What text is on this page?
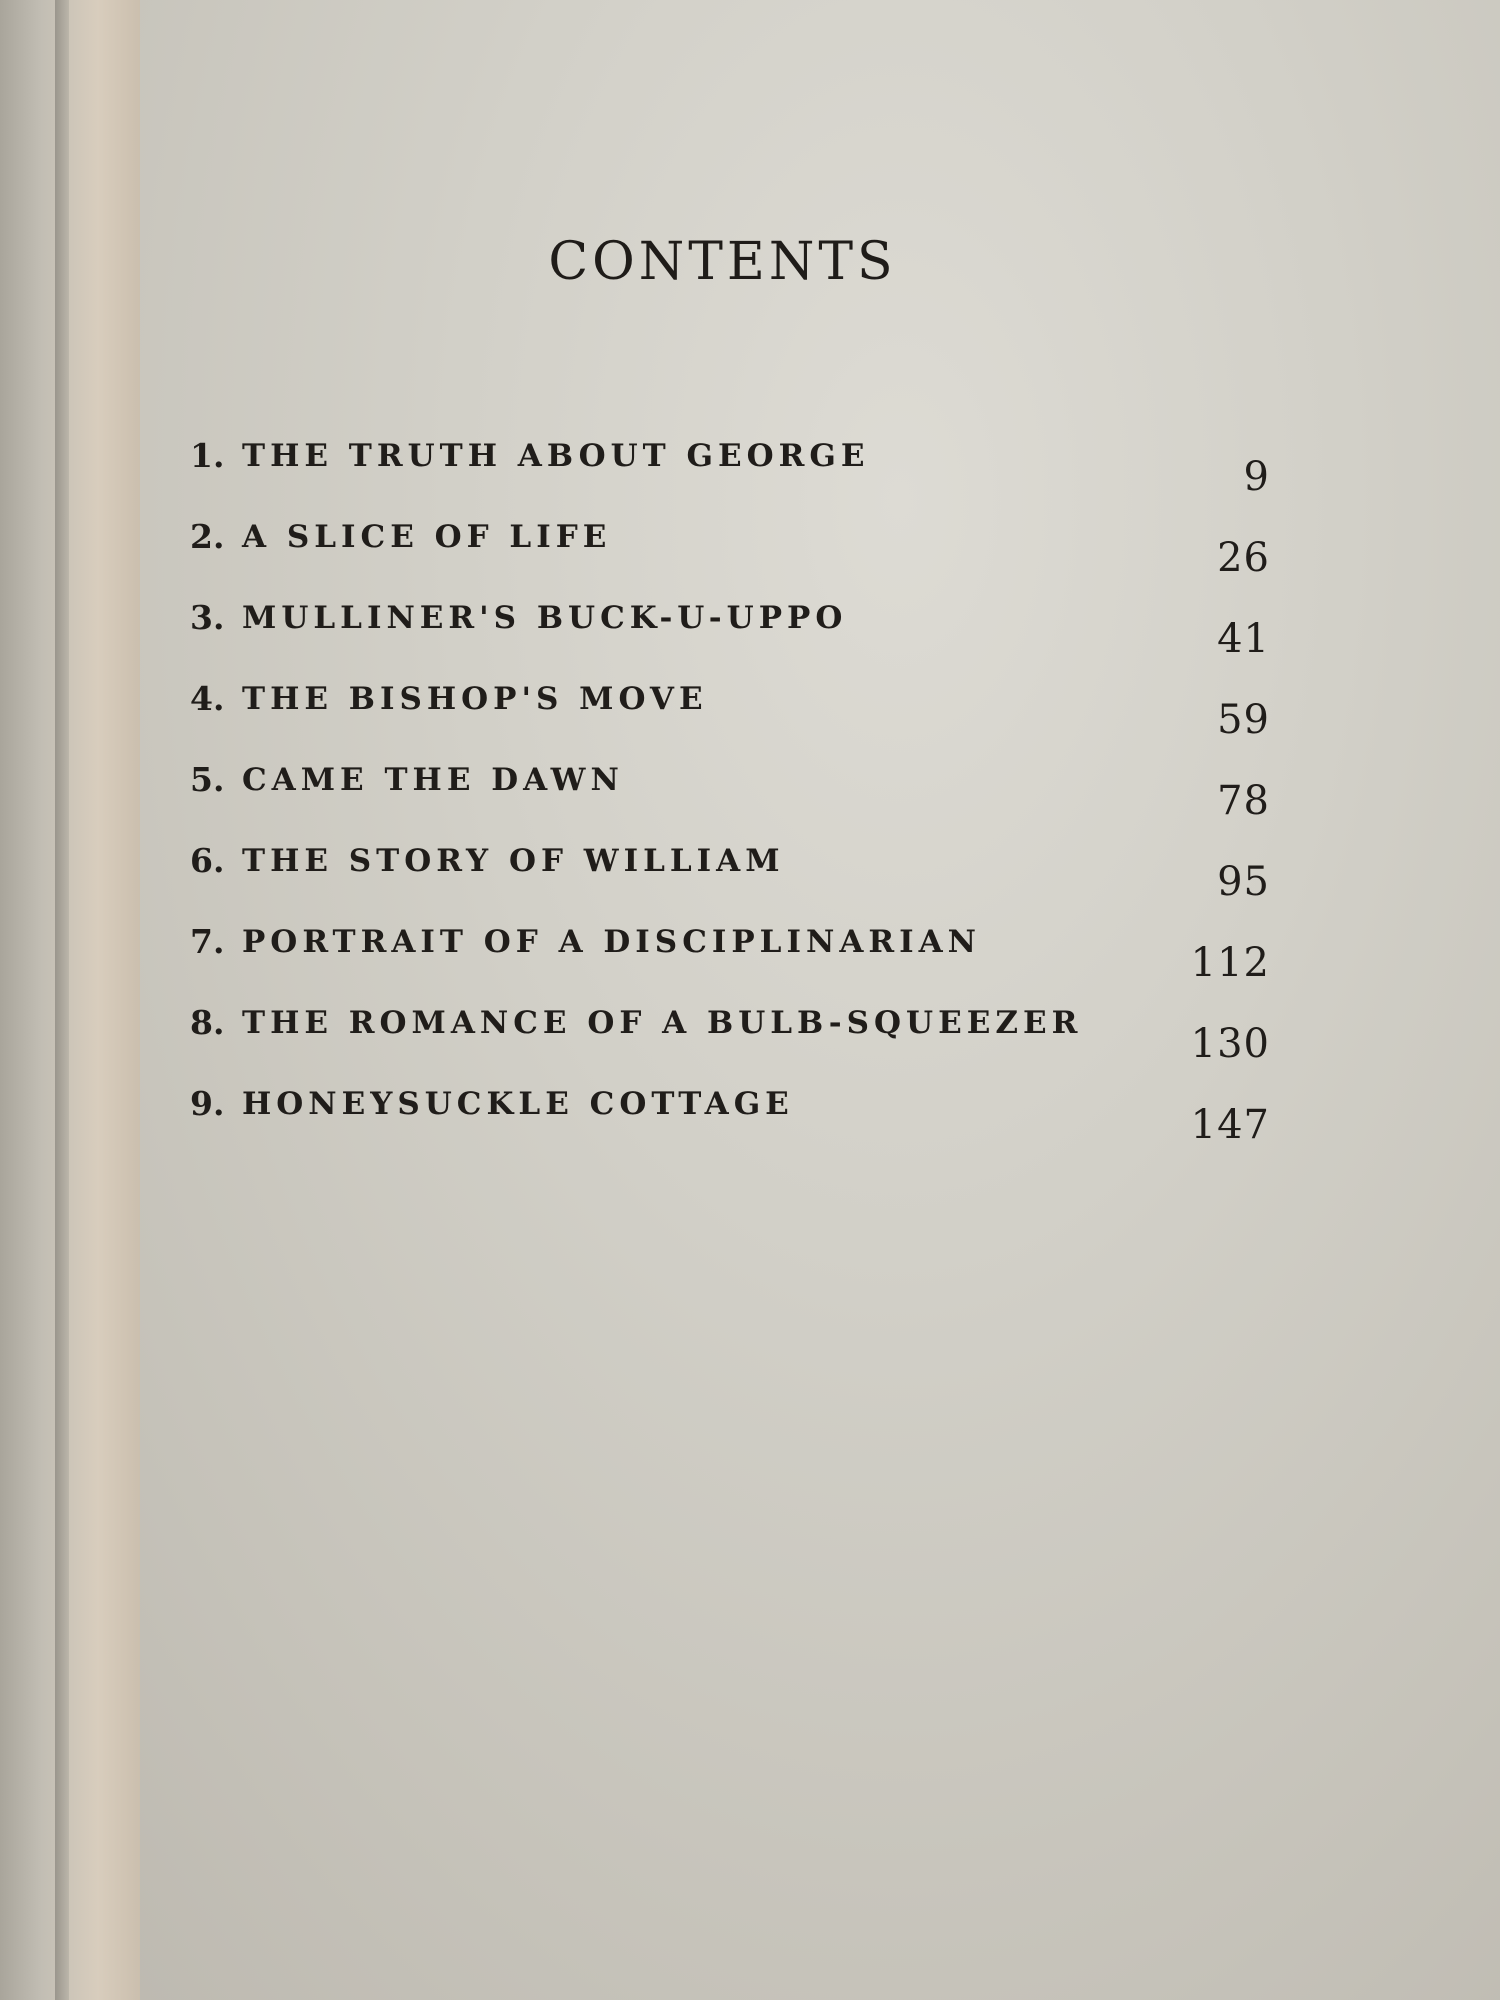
CONTENTS
1. THE TRUTH ABOUT GEORGE	9
2. A SLICE OF LIFE	26
3. MULLINER'S BUCK-U-UPPO	41
4. THE BISHOP'S MOVE	59
5. CAME THE DAWN	78
6. THE STORY OF WILLIAM	95
7. PORTRAIT OF A DISCIPLINARIAN	112
8. THE ROMANCE OF A BULB-SQUEEZER	130
9. HONEYSUCKLE COTTAGE	147
